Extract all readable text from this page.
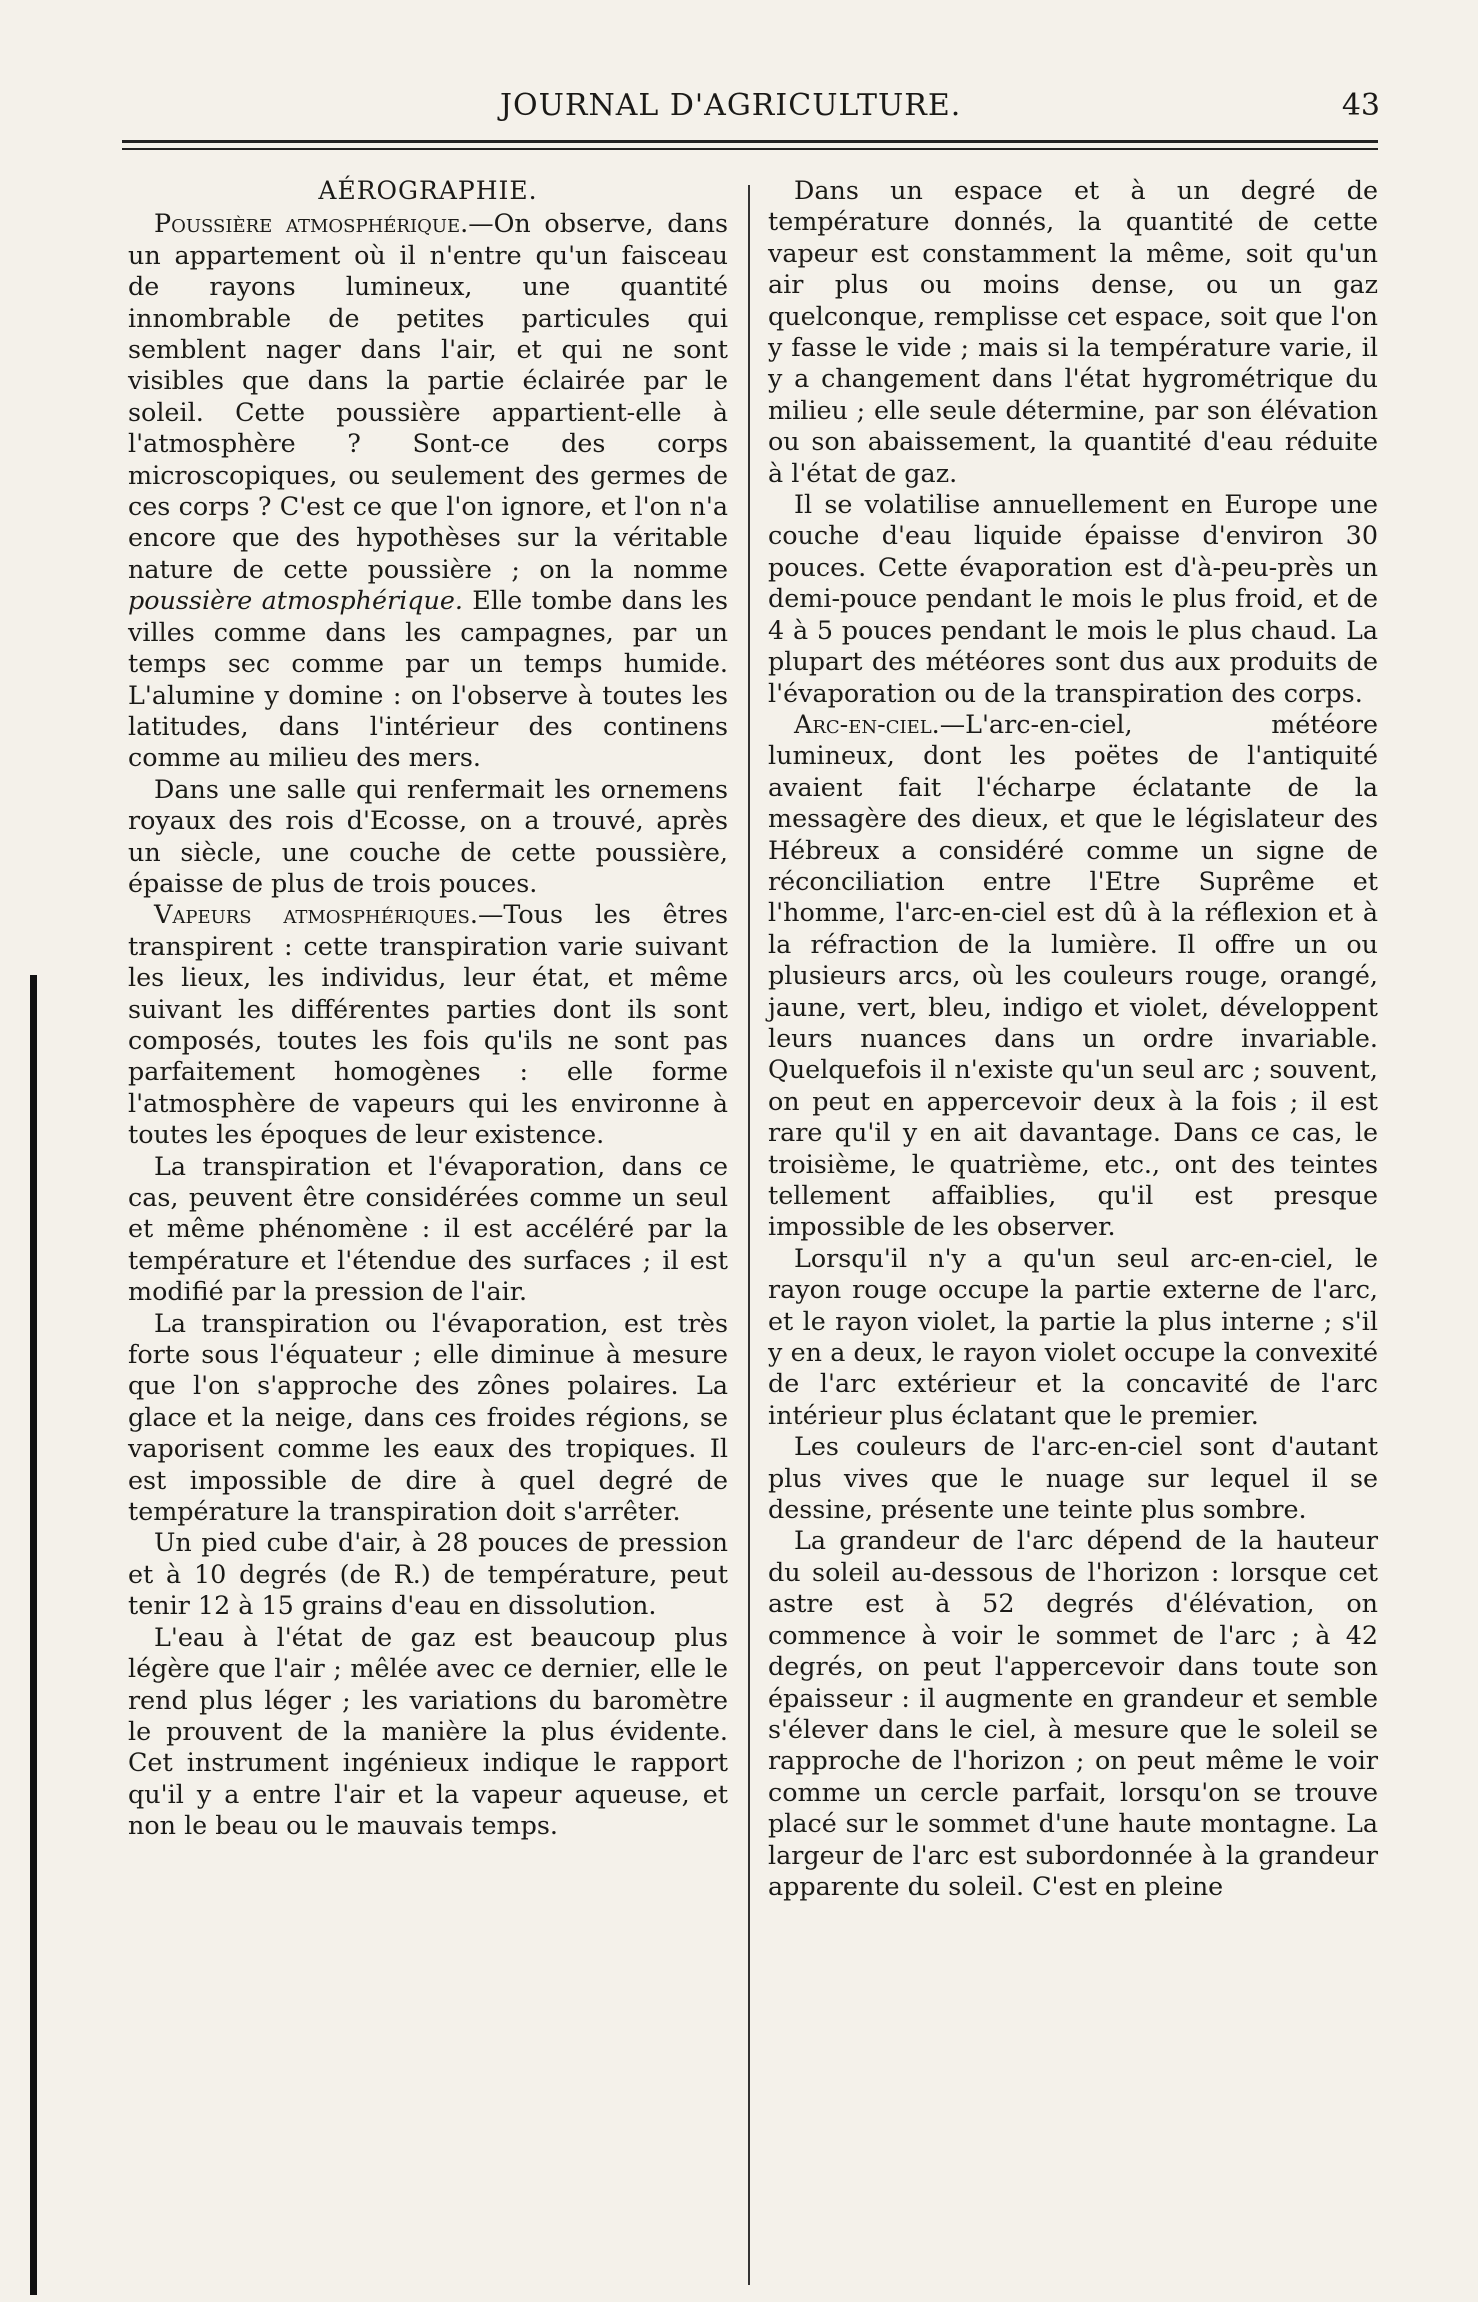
JOURNAL D'AGRICULTURE.	43
AÉROGRAPHIE.

Poussière atmosphérique.—On observe, dans un appartement où il n'entre qu'un faisceau de rayons lumineux, une quantité innombrable de petites particules qui semblent nager dans l'air, et qui ne sont visibles que dans la partie éclairée par le soleil. Cette poussière appartient-elle à l'atmosphère ? Sont-ce des corps microscopiques, ou seulement des germes de ces corps ? C'est ce que l'on ignore, et l'on n'a encore que des hypothèses sur la véritable nature de cette poussière ; on la nomme poussière atmosphérique. Elle tombe dans les villes comme dans les campagnes, par un temps sec comme par un temps humide. L'alumine y domine : on l'observe à toutes les latitudes, dans l'intérieur des continens comme au milieu des mers.

Dans une salle qui renfermait les ornemens royaux des rois d'Ecosse, on a trouvé, après un siècle, une couche de cette poussière, épaisse de plus de trois pouces.

Vapeurs atmosphériques.—Tous les êtres transpirent : cette transpiration varie suivant les lieux, les individus, leur état, et même suivant les différentes parties dont ils sont composés, toutes les fois qu'ils ne sont pas parfaitement homogènes : elle forme l'atmosphère de vapeurs qui les environne à toutes les époques de leur existence.

La transpiration et l'évaporation, dans ce cas, peuvent être considérées comme un seul et même phénomène : il est accéléré par la température et l'étendue des surfaces ; il est modifié par la pression de l'air.

La transpiration ou l'évaporation, est très forte sous l'équateur ; elle diminue à mesure que l'on s'approche des zônes polaires. La glace et la neige, dans ces froides régions, se vaporisent comme les eaux des tropiques. Il est impossible de dire à quel degré de température la transpiration doit s'arrêter.

Un pied cube d'air, à 28 pouces de pression et à 10 degrés (de R.) de température, peut tenir 12 à 15 grains d'eau en dissolution.

L'eau à l'état de gaz est beaucoup plus légère que l'air ; mêlée avec ce dernier, elle le rend plus léger ; les variations du baromètre le prouvent de la manière la plus évidente. Cet instrument ingénieux indique le rapport qu'il y a entre l'air et la vapeur aqueuse, et non le beau ou le mauvais temps.

Dans un espace et à un degré de température donnés, la quantité de cette vapeur est constamment la même, soit qu'un air plus ou moins dense, ou un gaz quelconque, remplisse cet espace, soit que l'on y fasse le vide ; mais si la température varie, il y a changement dans l'état hygrométrique du milieu ; elle seule détermine, par son élévation ou son abaissement, la quantité d'eau réduite à l'état de gaz.

Il se volatilise annuellement en Europe une couche d'eau liquide épaisse d'environ 30 pouces. Cette évaporation est d'à-peu-près un demi-pouce pendant le mois le plus froid, et de 4 à 5 pouces pendant le mois le plus chaud. La plupart des météores sont dus aux produits de l'évaporation ou de la transpiration des corps.

Arc-en-ciel.—L'arc-en-ciel, météore lumineux, dont les poëtes de l'antiquité avaient fait l'écharpe éclatante de la messagère des dieux, et que le législateur des Hébreux a considéré comme un signe de réconciliation entre l'Etre Suprême et l'homme, l'arc-en-ciel est dû à la réflexion et à la réfraction de la lumière. Il offre un ou plusieurs arcs, où les couleurs rouge, orangé, jaune, vert, bleu, indigo et violet, développent leurs nuances dans un ordre invariable. Quelquefois il n'existe qu'un seul arc ; souvent, on peut en appercevoir deux à la fois ; il est rare qu'il y en ait davantage. Dans ce cas, le troisième, le quatrième, etc., ont des teintes tellement affaiblies, qu'il est presque impossible de les observer.

Lorsqu'il n'y a qu'un seul arc-en-ciel, le rayon rouge occupe la partie externe de l'arc, et le rayon violet, la partie la plus interne ; s'il y en a deux, le rayon violet occupe la convexité de l'arc extérieur et la concavité de l'arc intérieur plus éclatant que le premier.

Les couleurs de l'arc-en-ciel sont d'autant plus vives que le nuage sur lequel il se dessine, présente une teinte plus sombre.

La grandeur de l'arc dépend de la hauteur du soleil au-dessous de l'horizon : lorsque cet astre est à 52 degrés d'élévation, on commence à voir le sommet de l'arc ; à 42 degrés, on peut l'appercevoir dans toute son épaisseur : il augmente en grandeur et semble s'élever dans le ciel, à mesure que le soleil se rapproche de l'horizon ; on peut même le voir comme un cercle parfait, lorsqu'on se trouve placé sur le sommet d'une haute montagne. La largeur de l'arc est subordonnée à la grandeur apparente du soleil. C'est en pleine
